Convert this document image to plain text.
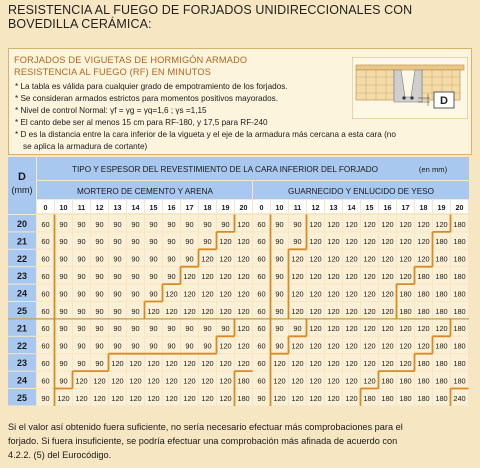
RESISTENCIA AL FUEGO DE FORJADOS UNIDIRECCIONALES CON BOVEDILLA CERÁMICA:
FORJADOS DE VIGUETAS DE HORMIGÓN ARMADO
RESISTENCIA AL FUEGO (RF) EN MINUTOS
* La tabla es válida para cualquier grado de empotramiento de los forjados.
* Se consideran armados estrictos para momentos positivos mayorados.
* Nivel de control Normal: γf = γg = γq=1,6 ; γs =1,15
* El canto debe ser al menos 15 cm para RF-180, y 17,5 para RF-240
* D es la distancia entre la cara inferior de la vigueta y el eje de la armadura más cercana a esta cara (no
se aplica la armadura de cortante)
D
D
(mm)
TIPO Y ESPESOR DEL REVESTIMIENTO DE LA CARA INFERIOR DEL FORJADO	(en mm)
MORTERO DE CEMENTO Y ARENA	GUARNECIDO Y ENLUCIDO DE YESO
0 10 11 12 13 14 15 16 17 18 19 20 0 10 11 12 13 14 15 16 17 18 19 20
20 60 90 90 90 90 90 90 90 90 90 90 120 60 90 90 120 120 120 120 120 120 120 120 180
21 60 90 90 90 90 90 90 90 90 90 120 120 60 90 90 120 120 120 120 120 120 120 180 180
22 60 90 90 90 90 90 90 90 90 120 120 120 60 90 120 120 120 120 120 120 120 120 180 180
23 60 90 90 90 90 90 90 90 120 120 120 120 60 90 120 120 120 120 120 120 120 180 180 180
24 60 90 90 90 90 90 90 120 120 120 120 120 60 90 120 120 120 120 120 120 180 180 180 180
25 60 90 90 90 90 90 120 120 120 120 120 120 60 90 120 120 120 120 120 120 180 180 180 180
21 60 90 90 90 90 90 90 90 90 90 90 120 60 90 90 120 120 120 120 120 120 120 120 180
22 60 90 90 90 90 90 90 90 90 90 120 120 60 90 120 120 120 120 120 120 120 120 180 180
23 60 90 90 90 120 120 120 120 120 120 120 120 60 120 120 120 120 120 120 120 120 180 180 180
24 60 90 120 120 120 120 120 120 120 120 120 180 60 120 120 120 120 120 120 180 180 180 180 180
25 90 120 120 120 120 120 120 120 120 120 120 180 90 120 120 120 120 120 180 180 180 180 180 240
Si el valor así obtenido fuera suficiente, no sería necesario efectuar más comprobaciones para el
forjado. Si fuera insuficiente, se podría efectuar una comprobación más afinada de acuerdo con
4.2.2. (5) del Eurocódigo.
